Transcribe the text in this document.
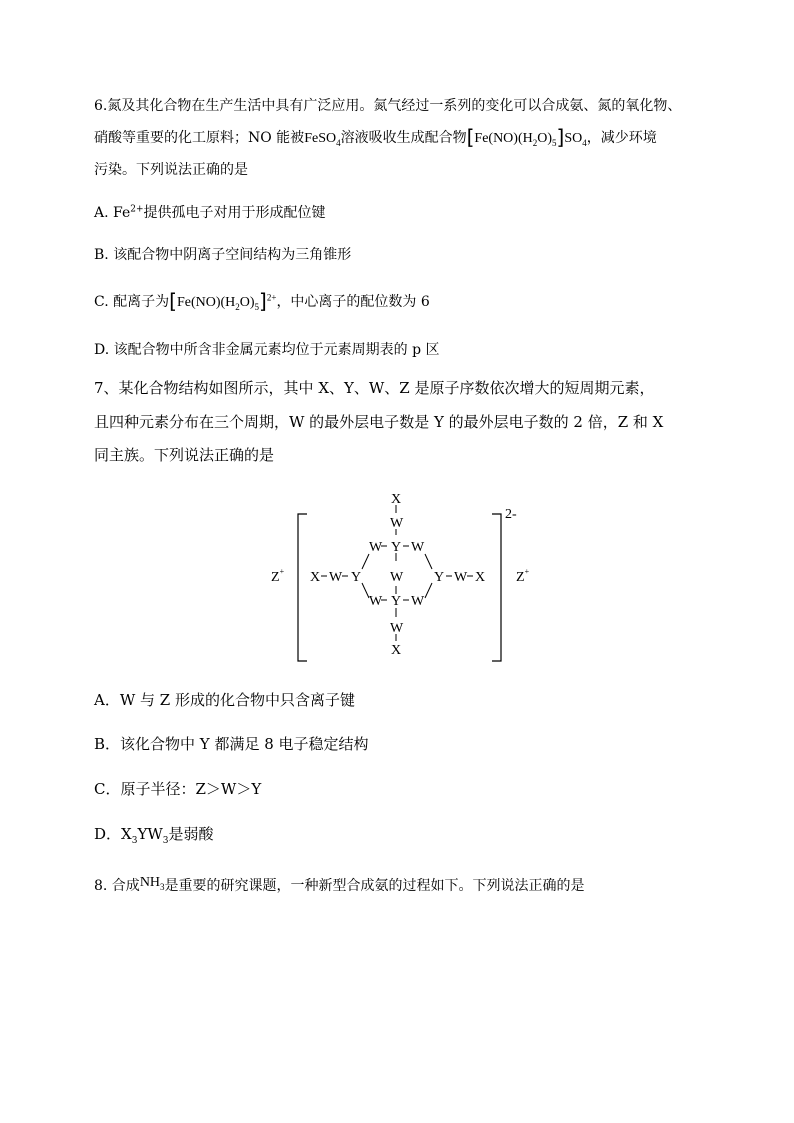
6.氮及其化合物在生产生活中具有广泛应用。氮气经过一系列的变化可以合成氨、氮的氧化物、
硝酸等重要的化工原料；NO 能被FeSO$_4$溶液吸收生成配合物$[Fe(NO)(H_2O)_5]SO_4$，减少环境
污染。下列说法正确的是
A. $Fe^{2+}$提供孤电子对用于形成配位键
B. 该配合物中阴离子空间结构为三角锥形
C. 配离子为$[Fe(NO)(H_2O)_5]^{2+}$，中心离子的配位数为 6
D. 该配合物中所含非金属元素均位于元素周期表的 p 区
7、某化合物结构如图所示，其中 X、Y、W、Z 是原子序数依次增大的短周期元素，
且四种元素分布在三个周期，W 的最外层电子数是 Y 的最外层电子数的 2 倍，Z 和 X
同主族。下列说法正确的是
Z+	Z+
2-
X
W
W Y W
X W Y W Y W X
W Y W
W
X
A．W 与 Z 形成的化合物中只含离子键
B．该化合物中 Y 都满足 8 电子稳定结构
C．原子半径：Z＞W＞Y
D．$X_3YW_3$是弱酸
8. 合成$NH_3$是重要的研究课题，一种新型合成氨的过程如下。下列说法正确的是
